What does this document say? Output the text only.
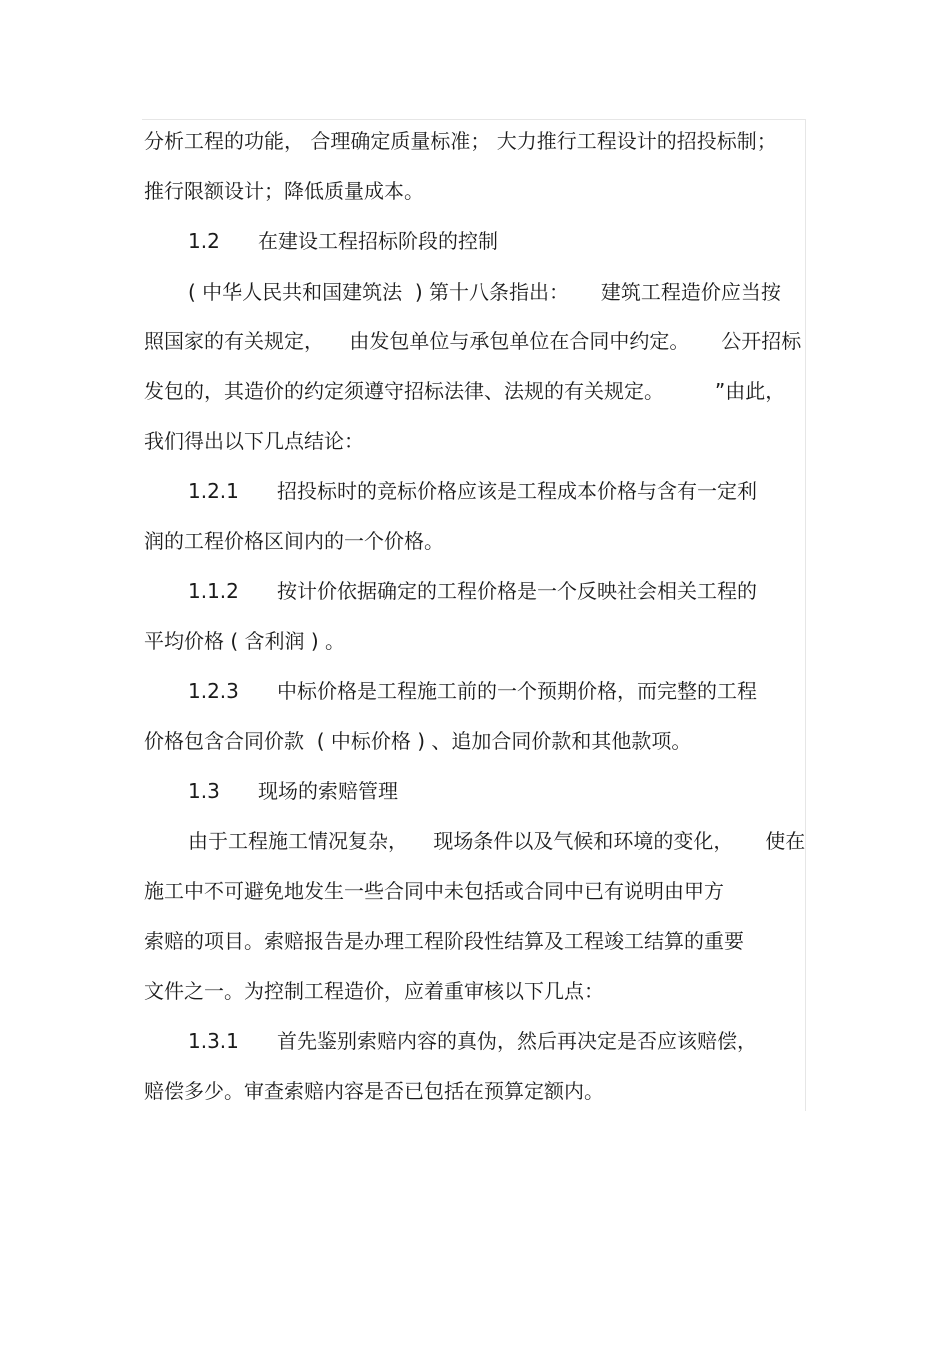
分析工程的功能， 合理确定质量标准； 大力推行工程设计的招投标制；
推行限额设计；降低质量成本。
1.2      在建设工程招标阶段的控制
( 中华人民共和国建筑法  ) 第十八条指出：     建筑工程造价应当按
照国家的有关规定，    由发包单位与承包单位在合同中约定。     公开招标
发包的，其造价的约定须遵守招标法律、法规的有关规定。        ”由此，
我们得出以下几点结论：
1.2.1      招投标时的竞标价格应该是工程成本价格与含有一定利
润的工程价格区间内的一个价格。
1.1.2      按计价依据确定的工程价格是一个反映社会相关工程的
平均价格 ( 含利润 ) 。
1.2.3      中标价格是工程施工前的一个预期价格，而完整的工程
价格包含合同价款  ( 中标价格 ) 、追加合同价款和其他款项。
1.3      现场的索赔管理
由于工程施工情况复杂，    现场条件以及气候和环境的变化，     使在
施工中不可避免地发生一些合同中未包括或合同中已有说明由甲方
索赔的项目。索赔报告是办理工程阶段性结算及工程竣工结算的重要
文件之一。为控制工程造价，应着重审核以下几点：
1.3.1      首先鉴别索赔内容的真伪，然后再决定是否应该赔偿，
赔偿多少。审查索赔内容是否已包括在预算定额内。
